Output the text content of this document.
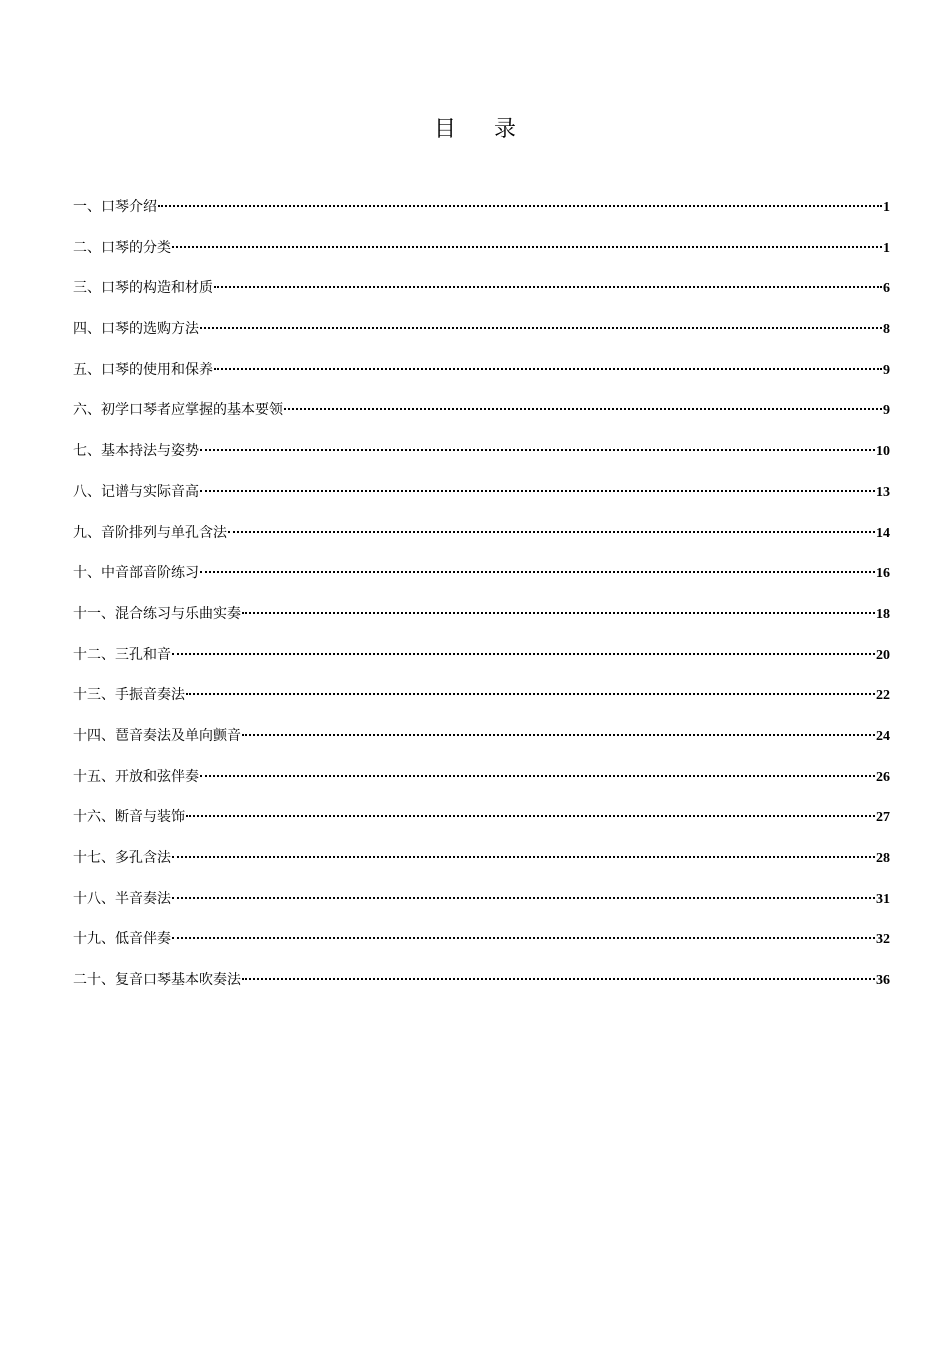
目录
一、口琴介绍	1
二、口琴的分类	1
三、口琴的构造和材质	6
四、口琴的选购方法	8
五、口琴的使用和保养	9
六、初学口琴者应掌握的基本要领	9
七、基本持法与姿势	10
八、记谱与实际音高	13
九、音阶排列与单孔含法	14
十、中音部音阶练习	16
十一、混合练习与乐曲实奏	18
十二、三孔和音	20
十三、手振音奏法	22
十四、琶音奏法及单向颤音	24
十五、开放和弦伴奏	26
十六、断音与装饰	27
十七、多孔含法	28
十八、半音奏法	31
十九、低音伴奏	32
二十、复音口琴基本吹奏法	36
